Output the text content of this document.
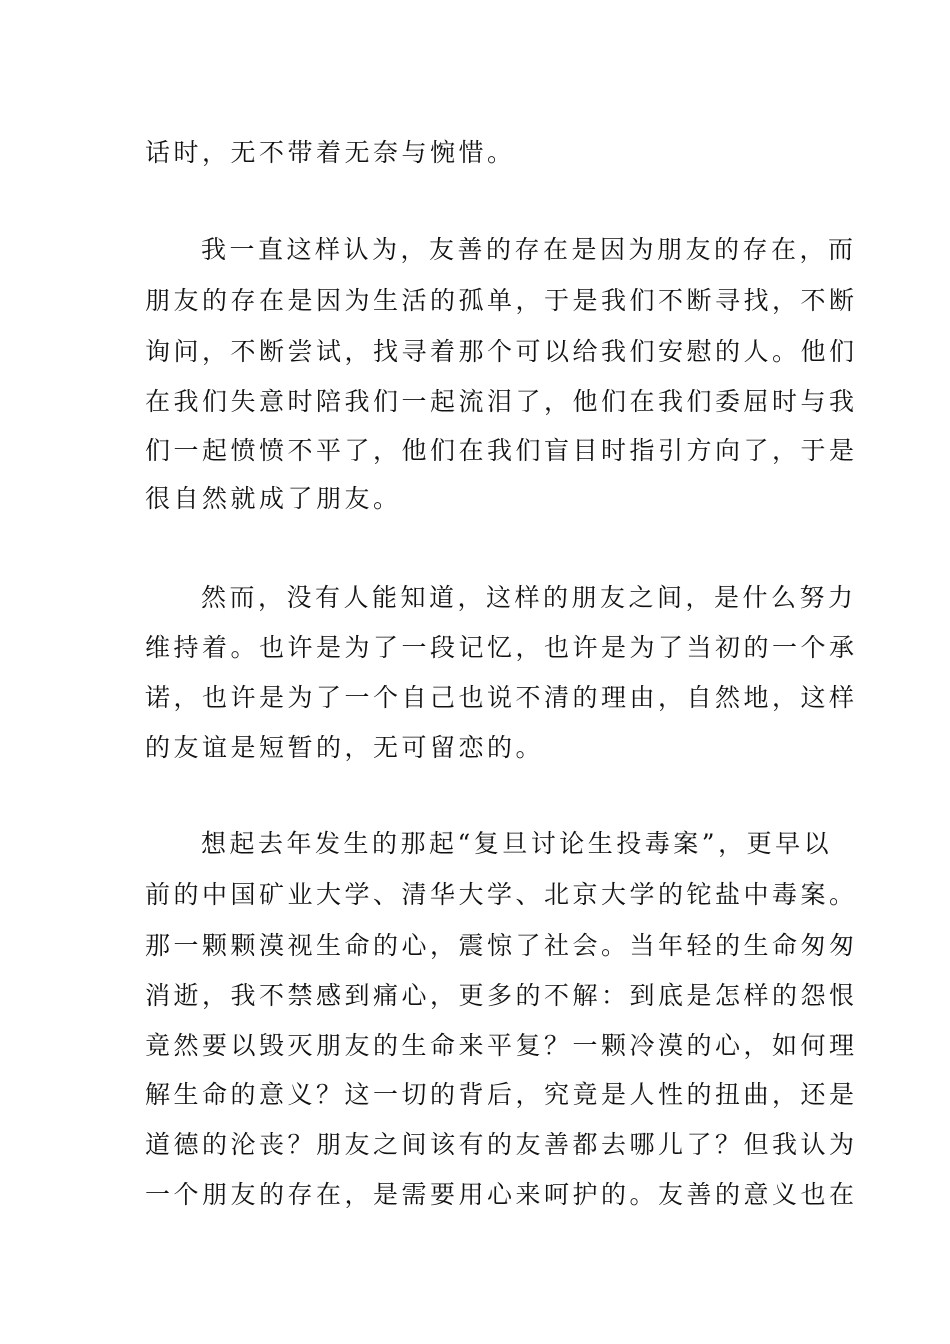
话时，无不带着无奈与惋惜。
我一直这样认为，友善的存在是因为朋友的存在，而
朋友的存在是因为生活的孤单，于是我们不断寻找，不断
询问，不断尝试，找寻着那个可以给我们安慰的人。他们
在我们失意时陪我们一起流泪了，他们在我们委屈时与我
们一起愤愤不平了，他们在我们盲目时指引方向了，于是
很自然就成了朋友。
然而，没有人能知道，这样的朋友之间，是什么努力
维持着。也许是为了一段记忆，也许是为了当初的一个承
诺，也许是为了一个自己也说不清的理由，自然地，这样
的友谊是短暂的，无可留恋的。
想起去年发生的那起“复旦讨论生投毒案”，更早以
前的中国矿业大学、清华大学、北京大学的铊盐中毒案。
那一颗颗漠视生命的心，震惊了社会。当年轻的生命匆匆
消逝，我不禁感到痛心，更多的不解：到底是怎样的怨恨
竟然要以毁灭朋友的生命来平复？一颗冷漠的心，如何理
解生命的意义？这一切的背后，究竟是人性的扭曲，还是
道德的沦丧？朋友之间该有的友善都去哪儿了？但我认为
一个朋友的存在，是需要用心来呵护的。友善的意义也在
